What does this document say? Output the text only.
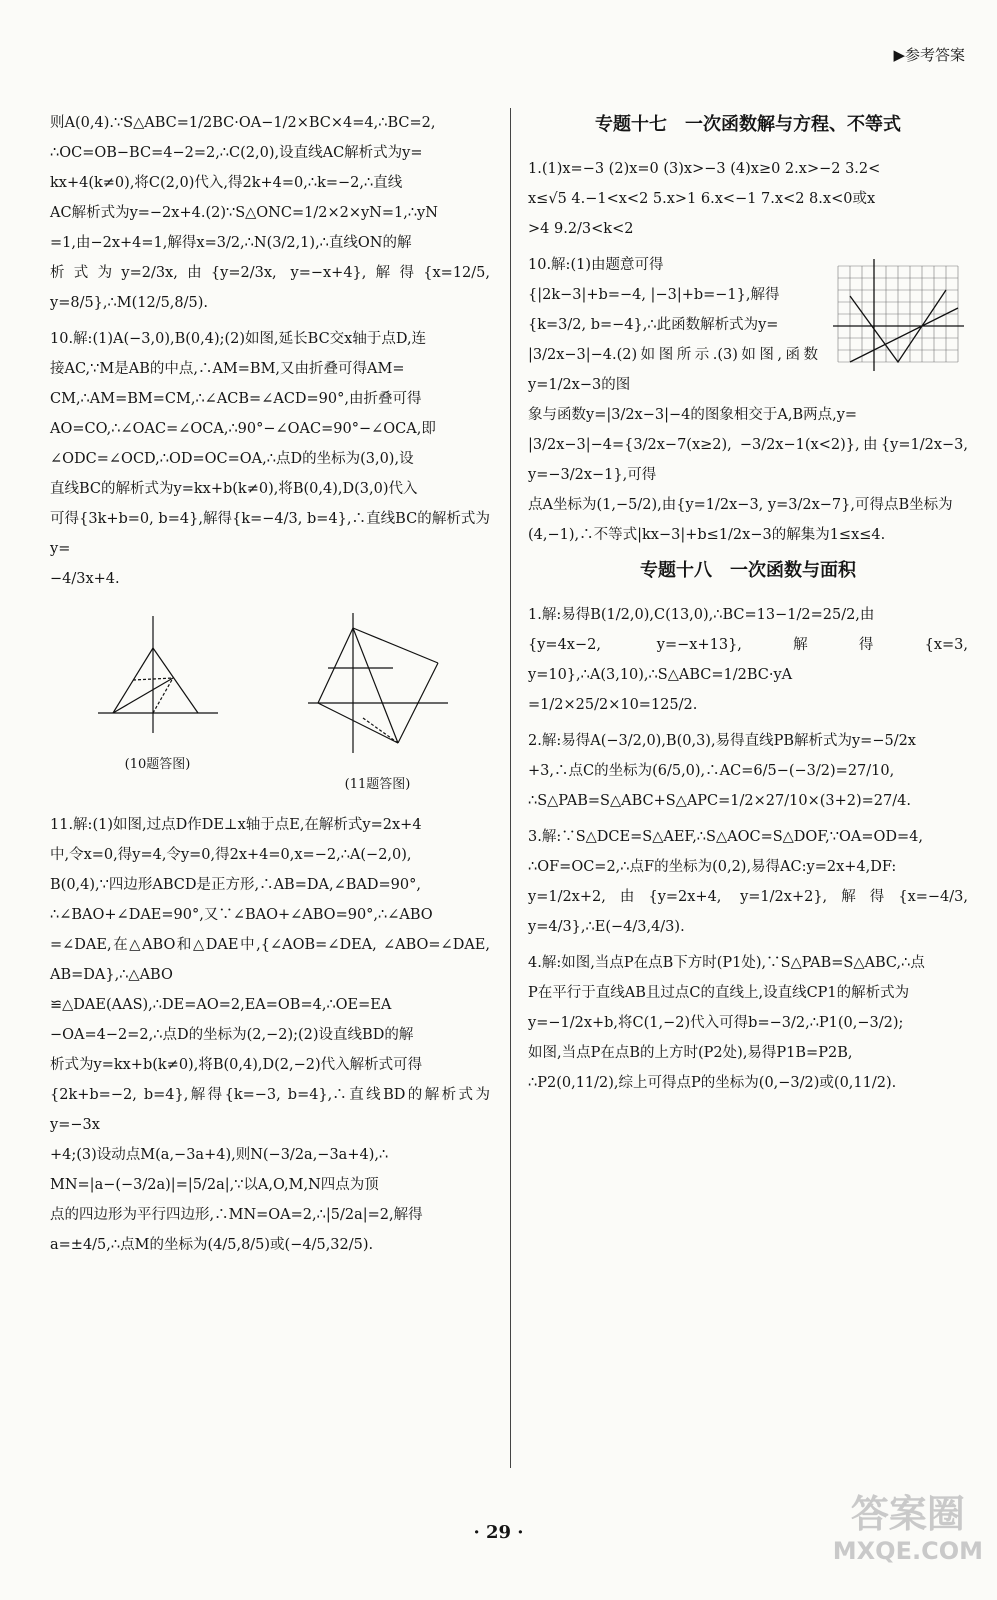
▶参考答案

则A(0,4).∵S△ABC=1/2BC·OA−1/2×BC×4=4,∴BC=2,
∴OC=OB−BC=4−2=2,∴C(2,0),设直线AC解析式为y=
kx+4(k≠0),将C(2,0)代入,得2k+4=0,∴k=−2,∴直线
AC解析式为y=−2x+4.(2)∵S△ONC=1/2×2×yN=1,∴yN
=1,由−2x+4=1,解得x=3/2,∴N(3/2,1),∴直线ON的解
析式为y=2/3x,由{y=2/3x, y=−x+4},解得{x=12/5, y=8/5},∴M(12/5,8/5).

10.解:(1)A(−3,0),B(0,4);(2)如图,延长BC交x轴于点D,连
接AC,∵M是AB的中点,∴AM=BM,又由折叠可得AM=
CM,∴AM=BM=CM,∴∠ACB=∠ACD=90°,由折叠可得
AO=CO,∴∠OAC=∠OCA,∴90°−∠OAC=90°−∠OCA,即
∠ODC=∠OCD,∴OD=OC=OA,∴点D的坐标为(3,0),设
直线BC的解析式为y=kx+b(k≠0),将B(0,4),D(3,0)代入
可得{3k+b=0, b=4},解得{k=−4/3, b=4},∴直线BC的解析式为y=
−4/3x+4.

(10题答图)
(11题答图)

11.解:(1)如图,过点D作DE⊥x轴于点E,在解析式y=2x+4
中,令x=0,得y=4,令y=0,得2x+4=0,x=−2,∴A(−2,0),
B(0,4),∵四边形ABCD是正方形,∴AB=DA,∠BAD=90°,
∴∠BAO+∠DAE=90°,又∵∠BAO+∠ABO=90°,∴∠ABO
=∠DAE,在△ABO和△DAE中,{∠AOB=∠DEA, ∠ABO=∠DAE, AB=DA},∴△ABO
≌△DAE(AAS),∴DE=AO=2,EA=OB=4,∴OE=EA
−OA=4−2=2,∴点D的坐标为(2,−2);(2)设直线BD的解
析式为y=kx+b(k≠0),将B(0,4),D(2,−2)代入解析式可得
{2k+b=−2, b=4},解得{k=−3, b=4},∴直线BD的解析式为y=−3x
+4;(3)设动点M(a,−3a+4),则N(−3/2a,−3a+4),∴
MN=|a−(−3/2a)|=|5/2a|,∵以A,O,M,N四点为顶
点的四边形为平行四边形,∴MN=OA=2,∴|5/2a|=2,解得
a=±4/5,∴点M的坐标为(4/5,8/5)或(−4/5,32/5).

专题十七　一次函数解与方程、不等式

1.(1)x=−3 (2)x=0 (3)x>−3 (4)x≥0 2.x>−2 3.2<
x≤√5 4.−1<x<2 5.x>1 6.x<−1 7.x<2 8.x<0或x
>4 9.2/3<k<2

10.解:(1)由题意可得
{|2k−3|+b=−4, |−3|+b=−1},解得
{k=3/2, b=−4},∴此函数解析式为y=
|3/2x−3|−4.(2)如图所示.(3)如图,函数y=1/2x−3的图
象与函数y=|3/2x−3|−4的图象相交于A,B两点,y=
|3/2x−3|−4={3/2x−7(x≥2), −3/2x−1(x<2)},由{y=1/2x−3, y=−3/2x−1},可得
点A坐标为(1,−5/2),由{y=1/2x−3, y=3/2x−7},可得点B坐标为
(4,−1),∴不等式|kx−3|+b≤1/2x−3的解集为1≤x≤4.

专题十八　一次函数与面积

1.解:易得B(1/2,0),C(13,0),∴BC=13−1/2=25/2,由
{y=4x−2, y=−x+13},解得{x=3, y=10},∴A(3,10),∴S△ABC=1/2BC·yA
=1/2×25/2×10=125/2.

2.解:易得A(−3/2,0),B(0,3),易得直线PB解析式为y=−5/2x
+3,∴点C的坐标为(6/5,0),∴AC=6/5−(−3/2)=27/10,
∴S△PAB=S△ABC+S△APC=1/2×27/10×(3+2)=27/4.

3.解:∵S△DCE=S△AEF,∴S△AOC=S△DOF,∵OA=OD=4,
∴OF=OC=2,∴点F的坐标为(0,2),易得AC:y=2x+4,DF:
y=1/2x+2,由{y=2x+4, y=1/2x+2},解得{x=−4/3, y=4/3},∴E(−4/3,4/3).

4.解:如图,当点P在点B下方时(P1处),∵S△PAB=S△ABC,∴点
P在平行于直线AB且过点C的直线上,设直线CP1的解析式为
y=−1/2x+b,将C(1,−2)代入可得b=−3/2,∴P1(0,−3/2);
如图,当点P在点B的上方时(P2处),易得P1B=P2B,
∴P2(0,11/2),综上可得点P的坐标为(0,−3/2)或(0,11/2).

· 29 ·	答案圈
MXQE.COM
